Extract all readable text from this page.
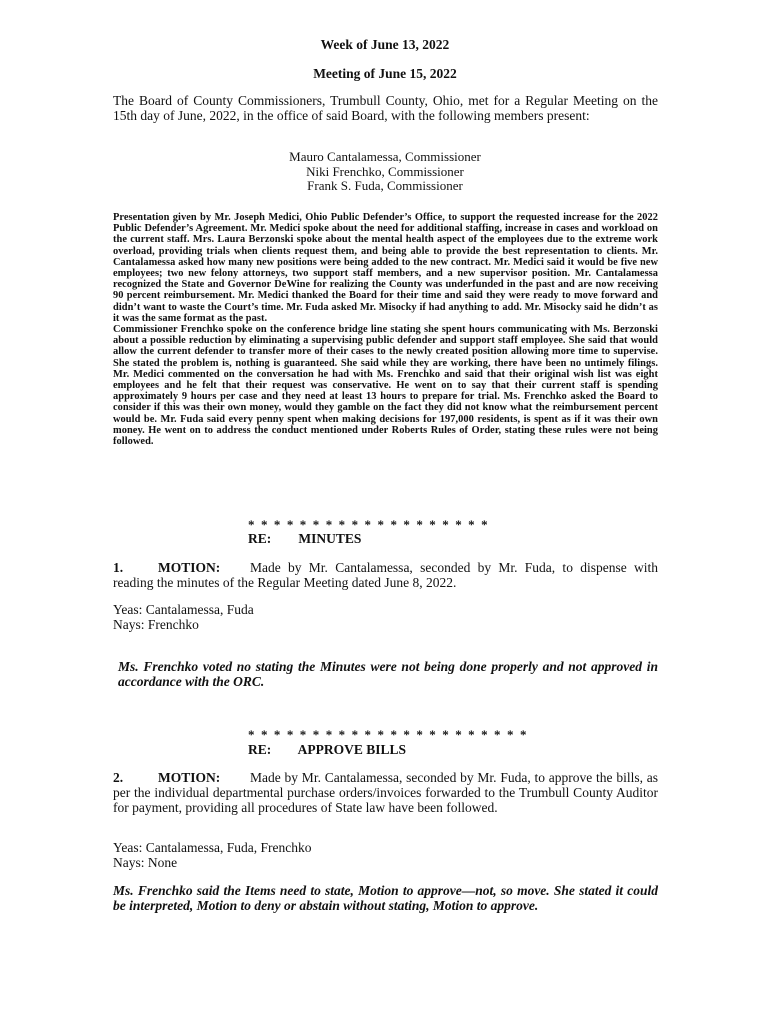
Week of June 13, 2022
Meeting of June 15, 2022
The Board of County Commissioners, Trumbull County, Ohio, met for a Regular Meeting on the 15th day of June, 2022, in the office of said Board, with the following members present:
Mauro Cantalamessa, Commissioner
Niki Frenchko, Commissioner
Frank S. Fuda, Commissioner

Presentation given by Mr. Joseph Medici, Ohio Public Defender’s Office, to support the requested increase for the 2022 Public Defender’s Agreement. Mr. Medici spoke about the need for additional staffing, increase in cases and workload on the current staff. Mrs. Laura Berzonski spoke about the mental health aspect of the employees due to the extreme work overload, providing trials when clients request them, and being able to provide the best representation to clients. Mr. Cantalamessa asked how many new positions were being added to the new contract. Mr. Medici said it would be five new employees; two new felony attorneys, two support staff members, and a new supervisor position. Mr. Cantalamessa recognized the State and Governor DeWine for realizing the County was underfunded in the past and are now receiving 90 percent reimbursement. Mr. Medici thanked the Board for their time and said they were ready to move forward and didn’t want to waste the Court’s time. Mr. Fuda asked Mr. Misocky if had anything to add. Mr. Misocky said he didn’t as it was the same format as the past.

Commissioner Frenchko spoke on the conference bridge line stating she spent hours communicating with Ms. Berzonski about a possible reduction by eliminating a supervising public defender and support staff employee. She said that would allow the current defender to transfer more of their cases to the newly created position allowing more time to supervise. She stated the problem is, nothing is guaranteed. She said while they are working, there have been no untimely filings. Mr. Medici commented on the conversation he had with Ms. Frenchko and said that their original wish list was eight employees and he felt that their request was conservative. He went on to say that their current staff is spending approximately 9 hours per case and they need at least 13 hours to prepare for trial. Ms. Frenchko asked the Board to consider if this was their own money, would they gamble on the fact they did not know what the reimbursement percent would be. Mr. Fuda said every penny spent when making decisions for 197,000 residents, is spent as if it was their own money. He went on to address the conduct mentioned under Roberts Rules of Order, stating these rules were not being followed.

* * * * * * * * * * * * * * * * * * *
RE: MINUTES
1.	MOTION: Made by Mr. Cantalamessa, seconded by Mr. Fuda, to dispense with reading the minutes of the Regular Meeting dated June 8, 2022.
Yeas: Cantalamessa, Fuda
Nays: Frenchko
Ms. Frenchko voted no stating the Minutes were not being done properly and not approved in accordance with the ORC.
* * * * * * * * * * * * * * * * * * * * * *
RE: APPROVE BILLS
2.	MOTION: Made by Mr. Cantalamessa, seconded by Mr. Fuda, to approve the bills, as per the individual departmental purchase orders/invoices forwarded to the Trumbull County Auditor for payment, providing all procedures of State law have been followed.
Yeas: Cantalamessa, Fuda, Frenchko
Nays: None
Ms. Frenchko said the Items need to state, Motion to approve—not, so move. She stated it could be interpreted, Motion to deny or abstain without stating, Motion to approve.
